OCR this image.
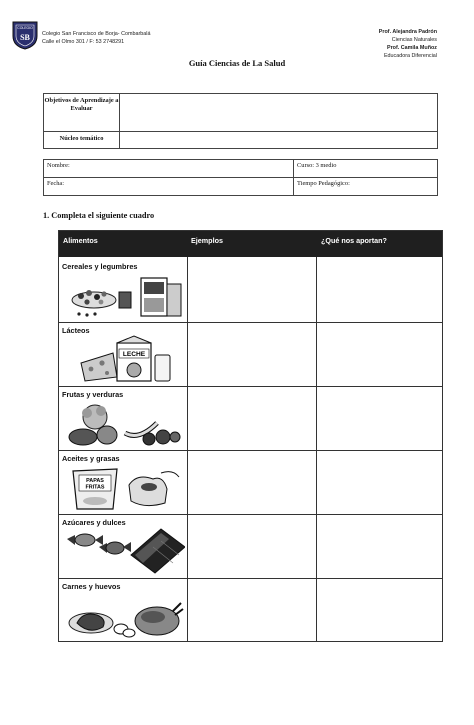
COLEGIO
SB Colegio San Francisco de Borja- Combarbalá
Calle el Olmo 301 / F: 53 2748291
Prof. Alejandra Padrón
Ciencias Naturales
Prof. Camila Muñoz
Educadora Diferencial
Guía Ciencias de La Salud
Objetivos de Aprendizaje a Evaluar	
Núcleo temático	
Nombre:	Curso: 3 medio
Fecha:	Tiempo Pedagógico:
1. Completa el siguiente cuadro
Alimentos	Ejemplos	¿Qué nos aportan?
Cereales y legumbres
Lácteos
LECHE
Frutas y verduras
Aceites y grasas
PAPAS
FRITAS
Azúcares y dulces
Carnes y huevos
